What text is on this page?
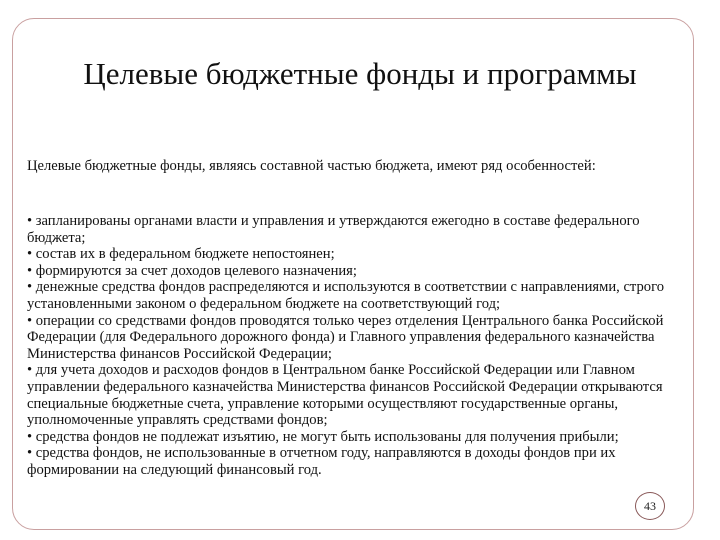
Целевые бюджетные фонды и программы

Целевые бюджетные фонды, являясь составной частью бюджета, имеют ряд особенностей:

• запланированы органами власти и управления и утверждаются ежегодно в составе федерального бюджета;
• состав их в федеральном бюджете непостоянен;
• формируются за счет доходов целевого назначения;
• денежные средства фондов распределяются и используются в соответствии с направлениями, строго установленными законом о федеральном бюджете на соответствующий год;
• операции со средствами фондов проводятся только через отделения Центрального банка Российской Федерации (для Федерального дорожного фонда) и Главного управления федерального казначейства Министерства финансов Российской Федерации;
• для учета доходов и расходов фондов в Центральном банке Российской Федерации или Главном управлении федерального казначейства Министерства финансов Российской Федерации открываются специальные бюджетные счета, управление которыми осуществляют государственные органы, уполномоченные управлять средствами фондов;
• средства фондов не подлежат изъятию, не могут быть использованы для получения прибыли;
• средства фондов, не использованные в отчетном году, направляются в доходы фондов при их формировании на следующий финансовый год.
43
